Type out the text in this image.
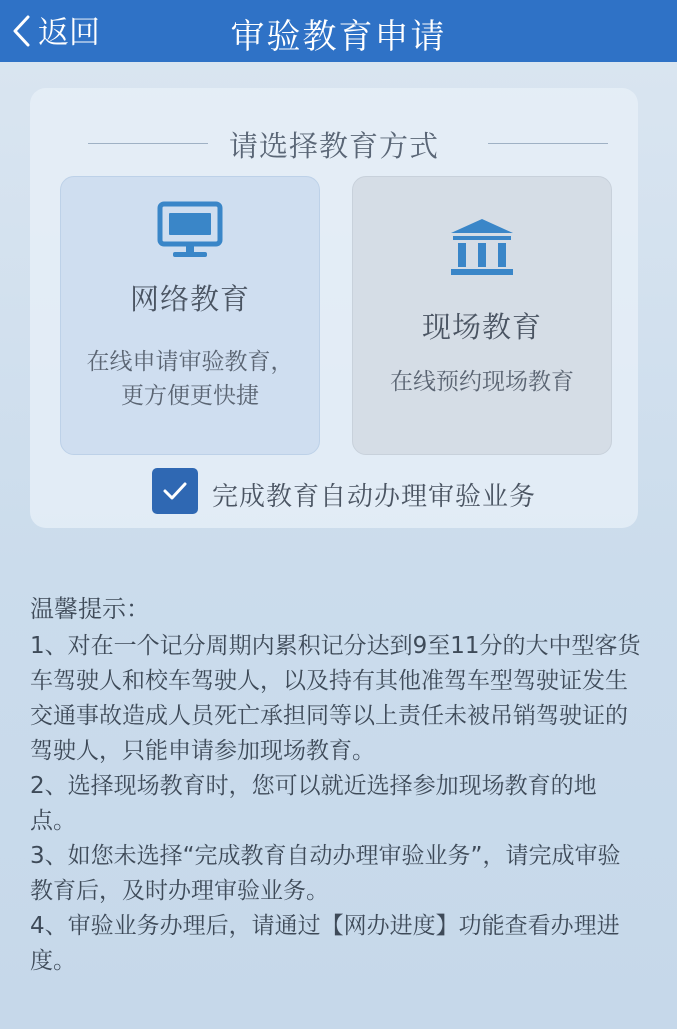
返回	审验教育申请
请选择教育方式
网络教育
在线申请审验教育，更方便更快捷
现场教育
在线预约现场教育
完成教育自动办理审验业务
温馨提示：

1、对在一个记分周期内累积记分达到9至11分的大中型客货车驾驶人和校车驾驶人，以及持有其他准驾车型驾驶证发生交通事故造成人员死亡承担同等以上责任未被吊销驾驶证的驾驶人，只能申请参加现场教育。

2、选择现场教育时，您可以就近选择参加现场教育的地点。

3、如您未选择“完成教育自动办理审验业务”，请完成审验教育后，及时办理审验业务。

4、审验业务办理后，请通过【网办进度】功能查看办理进度。
